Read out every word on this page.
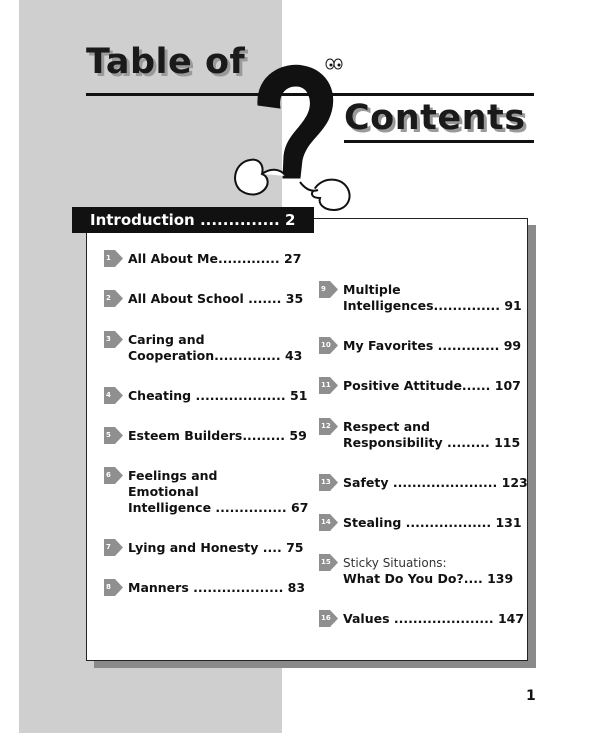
Table of
Contents
Introduction .............. 2
1 All About Me............. 27
2 All About School ....... 35
3 Caring and
Cooperation.............. 43
4 Cheating ................... 51
5 Esteem Builders......... 59
6 Feelings and
Emotional
Intelligence ............... 67
7 Lying and Honesty .... 75
8 Manners ................... 83
9 Multiple
Intelligences.............. 91
10 My Favorites ............. 99
11 Positive Attitude...... 107
12 Respect and
Responsibility ......... 115
13 Safety ...................... 123
14 Stealing .................. 131
15 Sticky Situations:
What Do You Do?.... 139
16 Values ..................... 147
1
